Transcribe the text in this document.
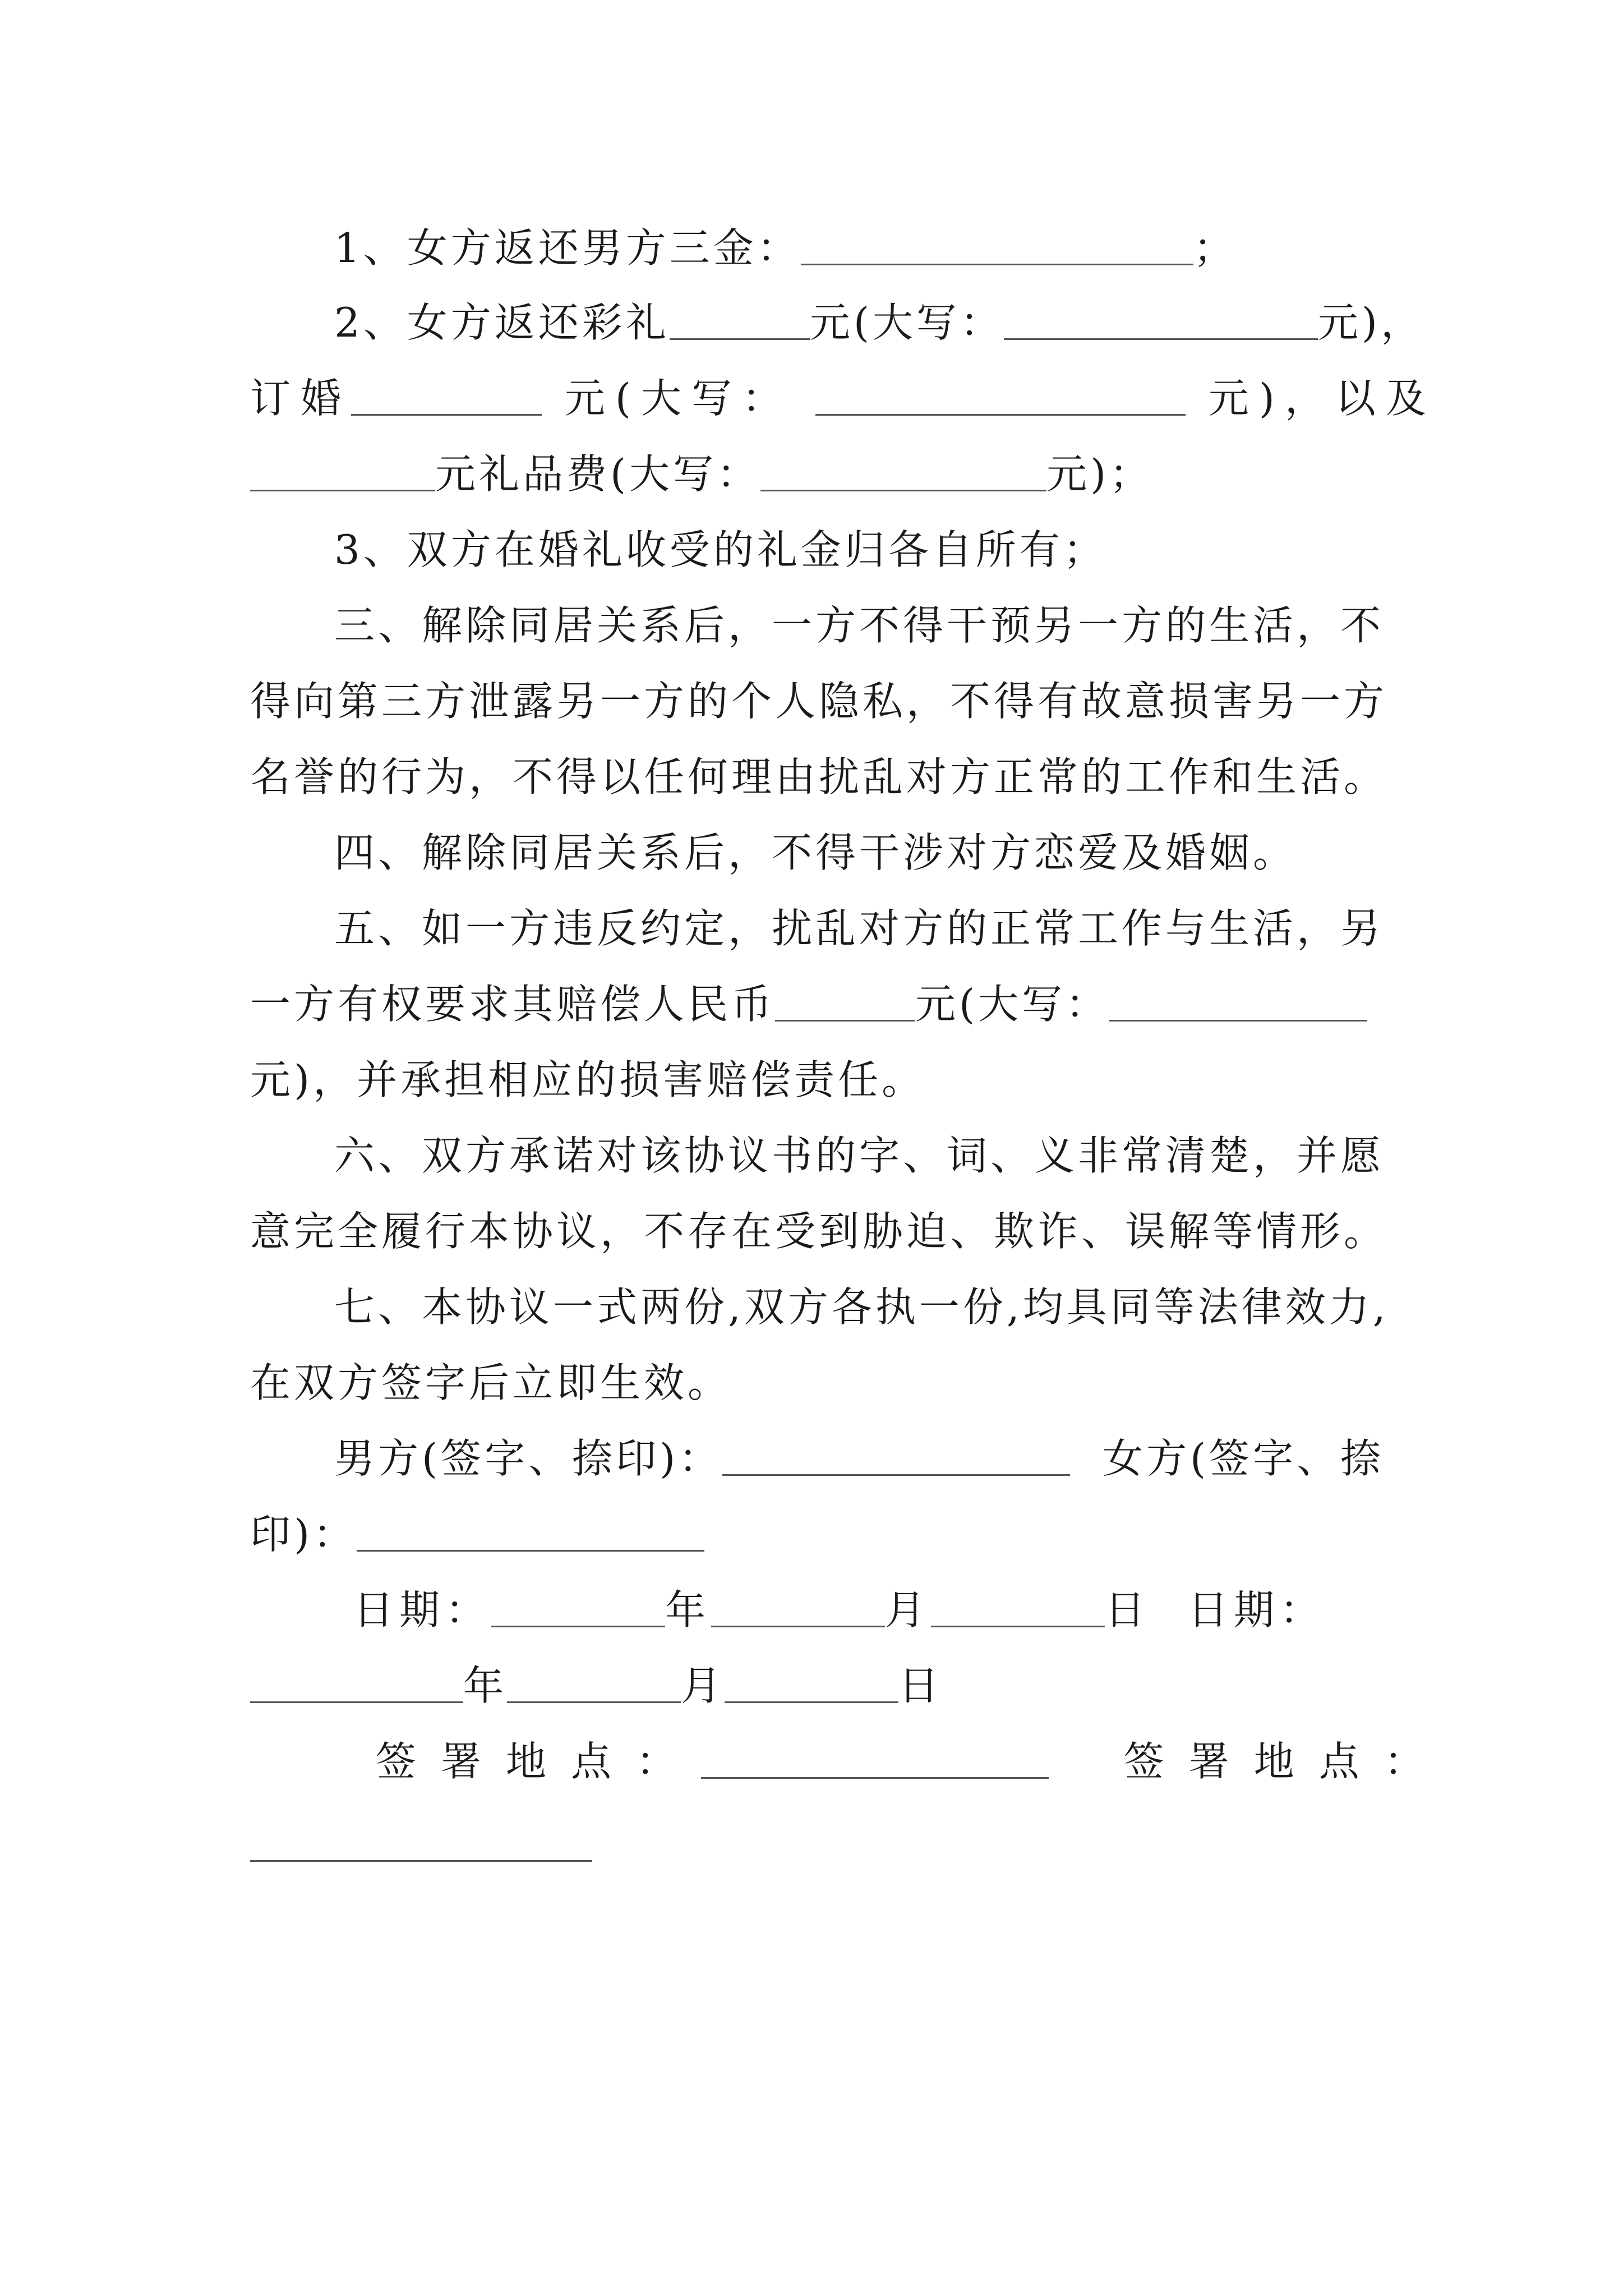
1、女方返还男方三金：	；
2、女方返还彩礼	元(大写：	元)，
订婚	元(大写：	元)，以及
元礼品费(大写：	元)；
3、双方在婚礼收受的礼金归各自所有；
三、解除同居关系后，一方不得干预另一方的生活，不
得向第三方泄露另一方的个人隐私，不得有故意损害另一方
名誉的行为，不得以任何理由扰乱对方正常的工作和生活。
四、解除同居关系后，不得干涉对方恋爱及婚姻。
五、如一方违反约定，扰乱对方的正常工作与生活，另
一方有权要求其赔偿人民币	元(大写：
元)，并承担相应的损害赔偿责任。
六、双方承诺对该协议书的字、词、义非常清楚，并愿
意完全履行本协议，不存在受到胁迫、欺诈、误解等情形。
七、本协议一式两份,双方各执一份,均具同等法律效力,
在双方签字后立即生效。
男方(签字、捺印)：	女方(签字、捺
印)：
日期：	年	月	日 日期：
年	月	日
签署地点：	签署地点：
